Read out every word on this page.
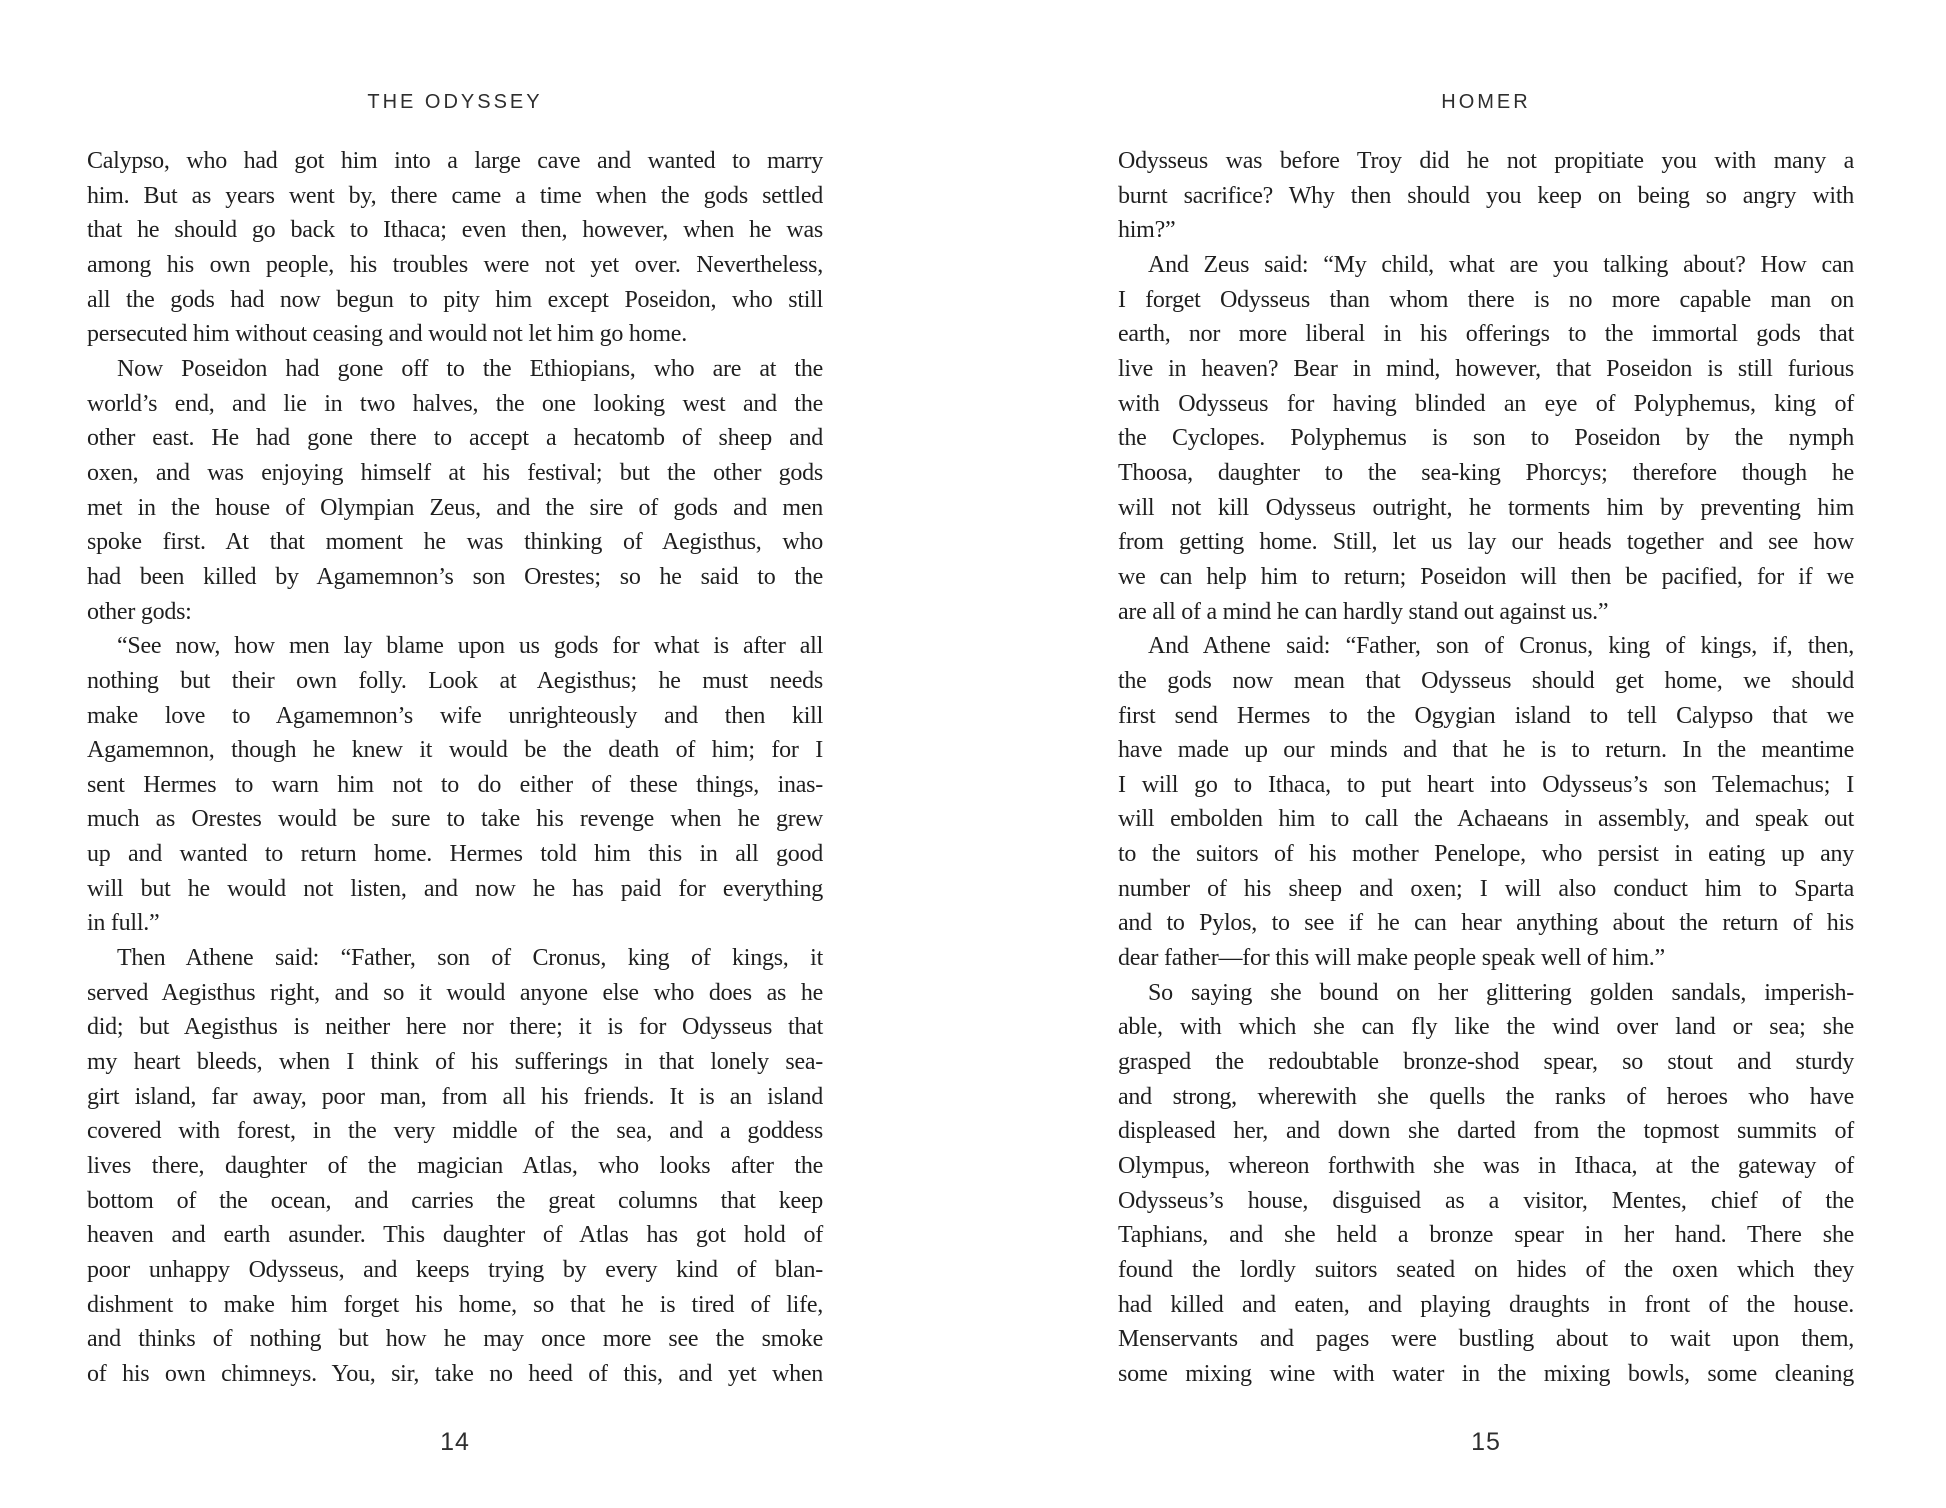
THE ODYSSEY
Calypso, who had got him into a large cave and wanted to marry
him. But as years went by, there came a time when the gods settled
that he should go back to Ithaca; even then, however, when he was
among his own people, his troubles were not yet over. Nevertheless,
all the gods had now begun to pity him except Poseidon, who still
persecuted him without ceasing and would not let him go home.
Now Poseidon had gone off to the Ethiopians, who are at the
world’s end, and lie in two halves, the one looking west and the
other east. He had gone there to accept a hecatomb of sheep and
oxen, and was enjoying himself at his festival; but the other gods
met in the house of Olympian Zeus, and the sire of gods and men
spoke first. At that moment he was thinking of Aegisthus, who
had been killed by Agamemnon’s son Orestes; so he said to the
other gods:
“See now, how men lay blame upon us gods for what is after all
nothing but their own folly. Look at Aegisthus; he must needs
make love to Agamemnon’s wife unrighteously and then kill
Agamemnon, though he knew it would be the death of him; for I
sent Hermes to warn him not to do either of these things, inas-
much as Orestes would be sure to take his revenge when he grew
up and wanted to return home. Hermes told him this in all good
will but he would not listen, and now he has paid for everything
in full.”
Then Athene said: “Father, son of Cronus, king of kings, it
served Aegisthus right, and so it would anyone else who does as he
did; but Aegisthus is neither here nor there; it is for Odysseus that
my heart bleeds, when I think of his sufferings in that lonely sea-
girt island, far away, poor man, from all his friends. It is an island
covered with forest, in the very middle of the sea, and a goddess
lives there, daughter of the magician Atlas, who looks after the
bottom of the ocean, and carries the great columns that keep
heaven and earth asunder. This daughter of Atlas has got hold of
poor unhappy Odysseus, and keeps trying by every kind of blan-
dishment to make him forget his home, so that he is tired of life,
and thinks of nothing but how he may once more see the smoke
of his own chimneys. You, sir, take no heed of this, and yet when
14
HOMER
Odysseus was before Troy did he not propitiate you with many a
burnt sacrifice? Why then should you keep on being so angry with
him?”
And Zeus said: “My child, what are you talking about? How can
I forget Odysseus than whom there is no more capable man on
earth, nor more liberal in his offerings to the immortal gods that
live in heaven? Bear in mind, however, that Poseidon is still furious
with Odysseus for having blinded an eye of Polyphemus, king of
the Cyclopes. Polyphemus is son to Poseidon by the nymph
Thoosa, daughter to the sea-king Phorcys; therefore though he
will not kill Odysseus outright, he torments him by preventing him
from getting home. Still, let us lay our heads together and see how
we can help him to return; Poseidon will then be pacified, for if we
are all of a mind he can hardly stand out against us.”
And Athene said: “Father, son of Cronus, king of kings, if, then,
the gods now mean that Odysseus should get home, we should
first send Hermes to the Ogygian island to tell Calypso that we
have made up our minds and that he is to return. In the meantime
I will go to Ithaca, to put heart into Odysseus’s son Telemachus; I
will embolden him to call the Achaeans in assembly, and speak out
to the suitors of his mother Penelope, who persist in eating up any
number of his sheep and oxen; I will also conduct him to Sparta
and to Pylos, to see if he can hear anything about the return of his
dear father—for this will make people speak well of him.”
So saying she bound on her glittering golden sandals, imperish-
able, with which she can fly like the wind over land or sea; she
grasped the redoubtable bronze-shod spear, so stout and sturdy
and strong, wherewith she quells the ranks of heroes who have
displeased her, and down she darted from the topmost summits of
Olympus, whereon forthwith she was in Ithaca, at the gateway of
Odysseus’s house, disguised as a visitor, Mentes, chief of the
Taphians, and she held a bronze spear in her hand. There she
found the lordly suitors seated on hides of the oxen which they
had killed and eaten, and playing draughts in front of the house.
Menservants and pages were bustling about to wait upon them,
some mixing wine with water in the mixing bowls, some cleaning
15
